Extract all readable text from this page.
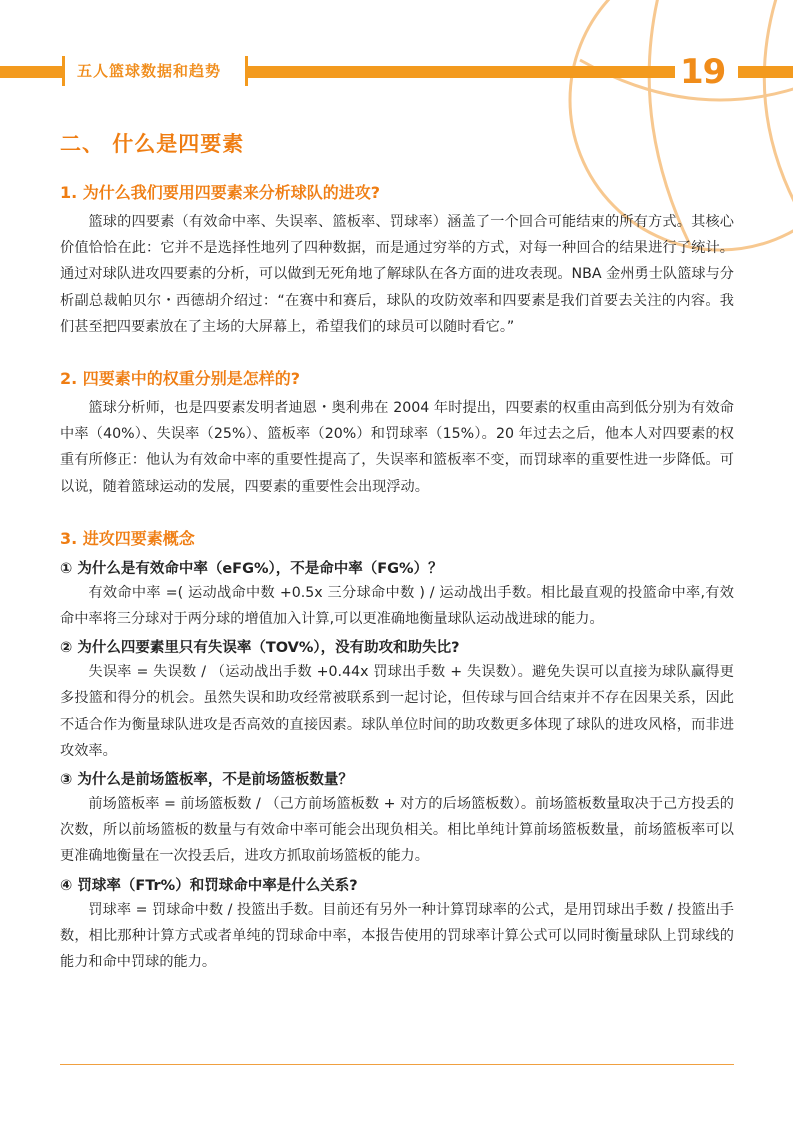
五人篮球数据和趋势	19
二、 什么是四要素
1. 为什么我们要用四要素来分析球队的进攻?

篮球的四要素（有效命中率、失误率、篮板率、罚球率）涵盖了一个回合可能结束的所有方式。其核心价值恰恰在此：它并不是选择性地列了四种数据，而是通过穷举的方式，对每一种回合的结果进行了统计。通过对球队进攻四要素的分析，可以做到无死角地了解球队在各方面的进攻表现。NBA 金州勇士队篮球与分析副总裁帕贝尔・西德胡介绍过：“在赛中和赛后，球队的攻防效率和四要素是我们首要去关注的内容。我们甚至把四要素放在了主场的大屏幕上，希望我们的球员可以随时看它。”

2. 四要素中的权重分别是怎样的?

篮球分析师，也是四要素发明者迪恩・奥利弗在 2004 年时提出，四要素的权重由高到低分别为有效命中率（40%）、失误率（25%）、篮板率（20%）和罚球率（15%）。20 年过去之后，他本人对四要素的权重有所修正：他认为有效命中率的重要性提高了，失误率和篮板率不变，而罚球率的重要性进一步降低。可以说，随着篮球运动的发展，四要素的重要性会出现浮动。

3. 进攻四要素概念
① 为什么是有效命中率（eFG%），不是命中率（FG%）？

有效命中率 =( 运动战命中数 +0.5x 三分球命中数 ) / 运动战出手数。相比最直观的投篮命中率,有效命中率将三分球对于两分球的增值加入计算,可以更准确地衡量球队运动战进球的能力。

② 为什么四要素里只有失误率（TOV%），没有助攻和助失比?

失误率 = 失误数 / （运动战出手数 +0.44x 罚球出手数 + 失误数）。避免失误可以直接为球队赢得更多投篮和得分的机会。虽然失误和助攻经常被联系到一起讨论，但传球与回合结束并不存在因果关系，因此不适合作为衡量球队进攻是否高效的直接因素。球队单位时间的助攻数更多体现了球队的进攻风格，而非进攻效率。

③ 为什么是前场篮板率，不是前场篮板数量？

前场篮板率 = 前场篮板数 / （己方前场篮板数 + 对方的后场篮板数）。前场篮板数量取决于己方投丢的次数，所以前场篮板的数量与有效命中率可能会出现负相关。相比单纯计算前场篮板数量，前场篮板率可以更准确地衡量在一次投丢后，进攻方抓取前场篮板的能力。

④ 罚球率（FTr%）和罚球命中率是什么关系?

罚球率 = 罚球命中数 / 投篮出手数。目前还有另外一种计算罚球率的公式，是用罚球出手数 / 投篮出手数，相比那种计算方式或者单纯的罚球命中率，本报告使用的罚球率计算公式可以同时衡量球队上罚球线的能力和命中罚球的能力。
